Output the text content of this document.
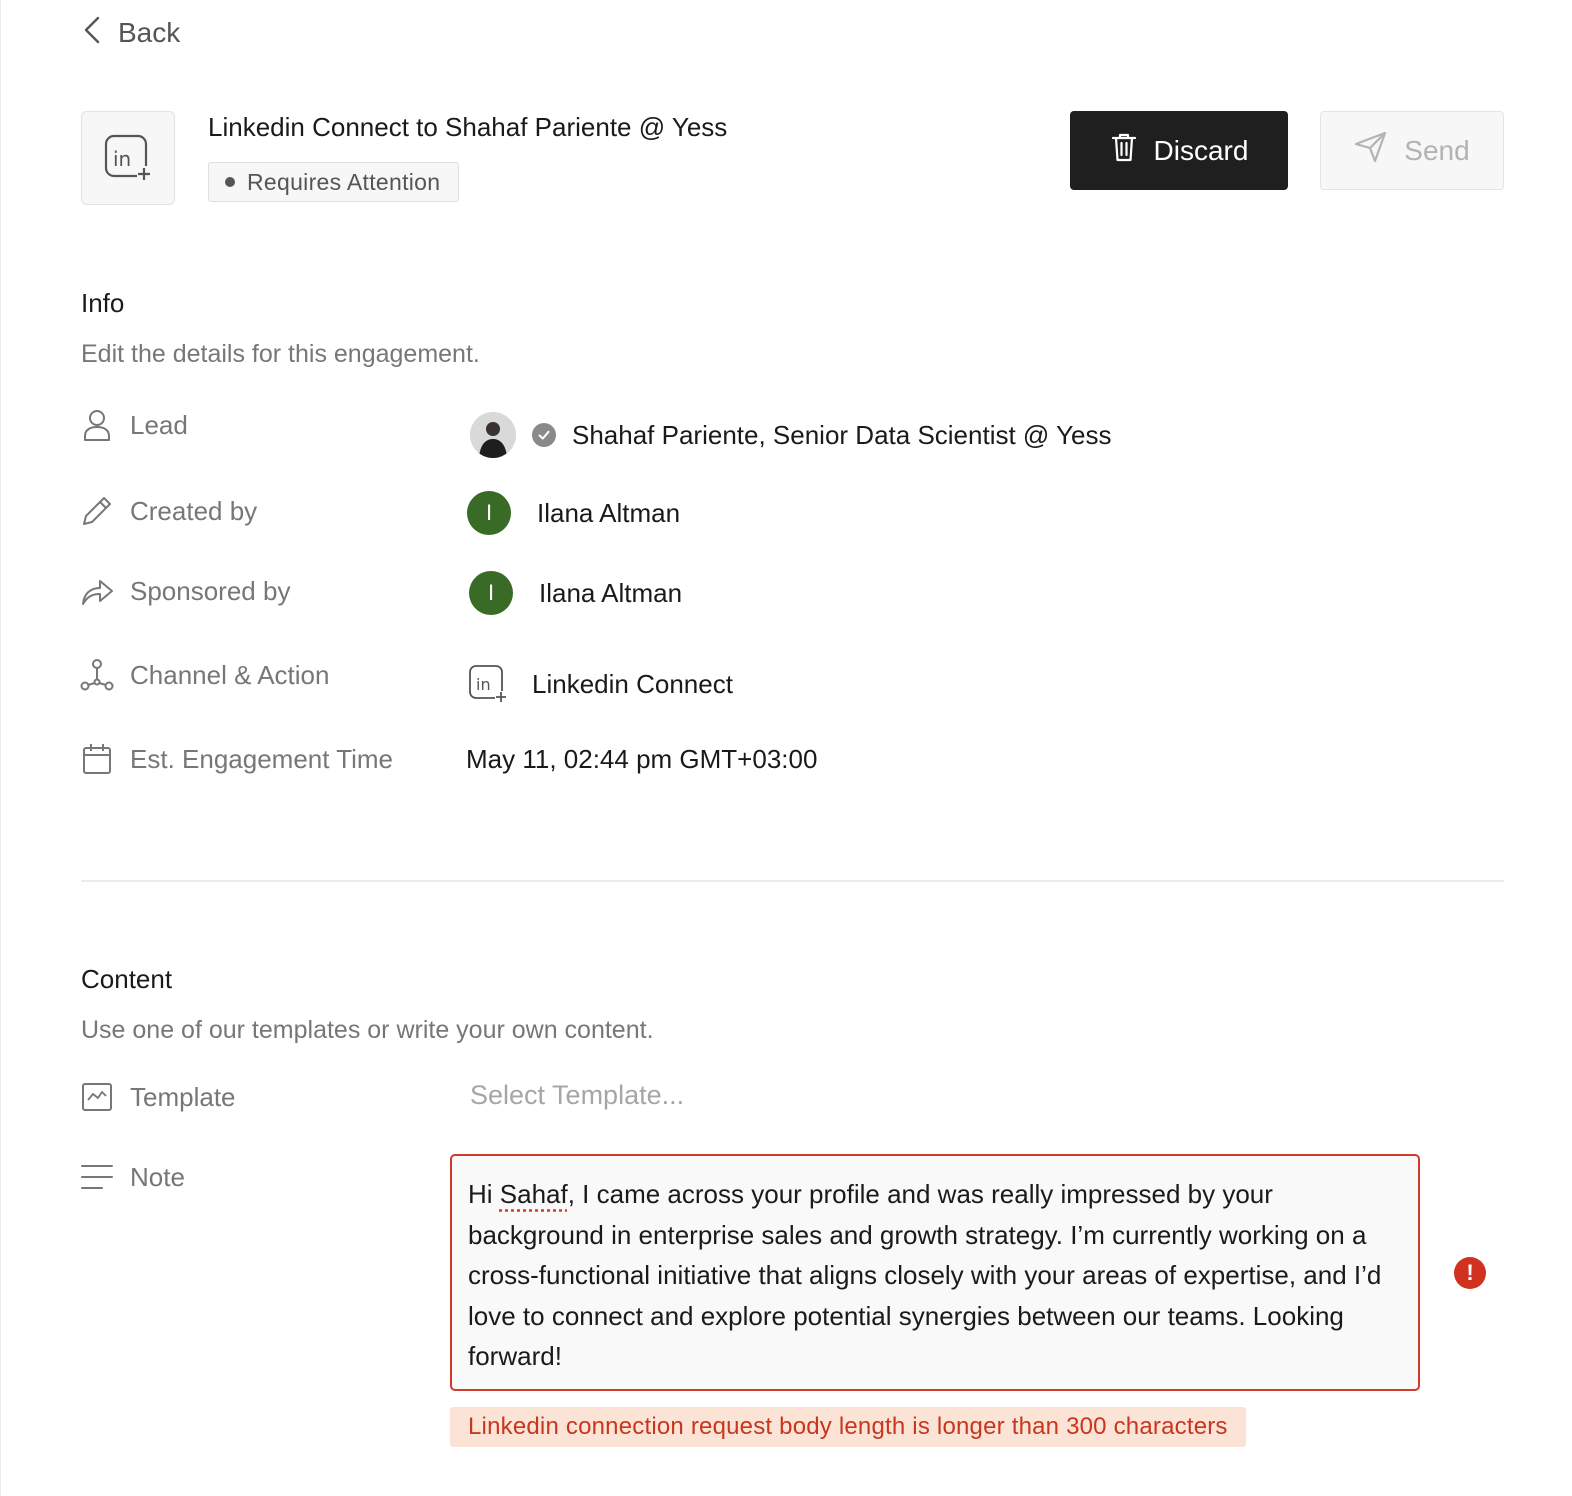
Back
in
Linkedin Connect to Shahaf Pariente @ Yess
Requires Attention
Discard	Send
Info
Edit the details for this engagement.
Lead	Shahaf Pariente, Senior Data Scientist @ Yess
Created by	I	Ilana Altman
Sponsored by	I	Ilana Altman
Channel & Action	in Linkedin Connect
Est. Engagement Time	May 11, 02:44 pm GMT+03:00
Content
Use one of our templates or write your own content.
Template	Select Template...
Note
Hi Sahaf, I came across your profile and was really impressed by your background in enterprise sales and growth strategy. I’m currently working on a cross-functional initiative that aligns closely with your areas of expertise, and I’d love to connect and explore potential synergies between our teams. Looking forward!
!
Linkedin connection request body length is longer than 300 characters
